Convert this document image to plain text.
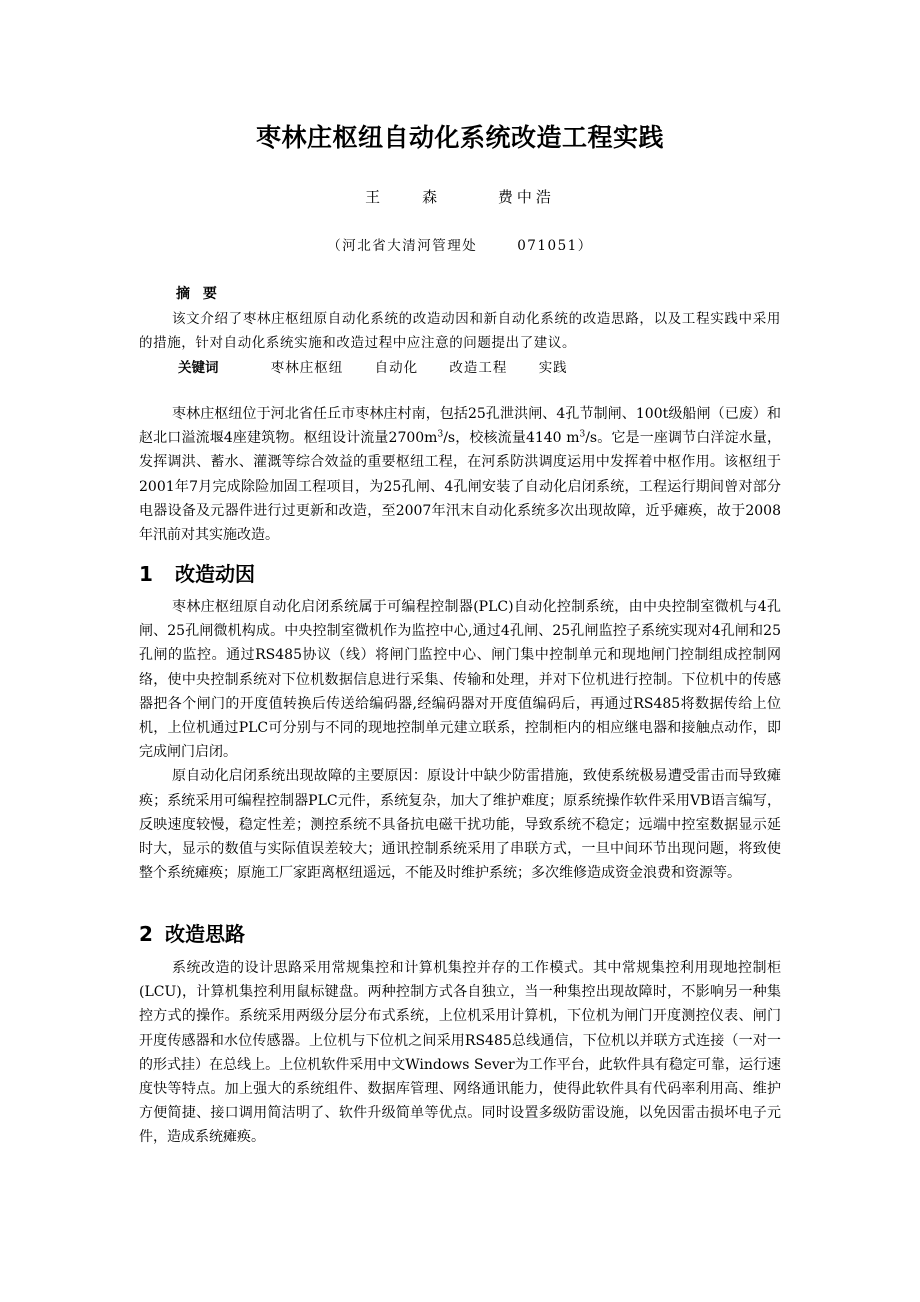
枣林庄枢纽自动化系统改造工程实践
王　　森	费中浩
（河北省大清河管理处	071051）
摘 要
该文介绍了枣林庄枢纽原自动化系统的改造动因和新自动化系统的改造思路，以及工程实践中采用的措施，针对自动化系统实施和改造过程中应注意的问题提出了建议。
关键词	枣林庄枢纽 自动化 改造工程 实践

枣林庄枢纽位于河北省任丘市枣林庄村南，包括25孔泄洪闸、4孔节制闸、100t级船闸（已废）和赵北口溢流堰4座建筑物。枢纽设计流量$2700m^3/s$，校核流量4140 $m^3/s$。它是一座调节白洋淀水量，发挥调洪、蓄水、灌溉等综合效益的重要枢纽工程，在河系防洪调度运用中发挥着中枢作用。该枢纽于2001年7月完成除险加固工程项目，为25孔闸、4孔闸安装了自动化启闭系统，工程运行期间曾对部分电器设备及元器件进行过更新和改造，至2007年汛末自动化系统多次出现故障，近乎瘫痪，故于2008年汛前对其实施改造。

1 改造动因

枣林庄枢纽原自动化启闭系统属于可编程控制器(PLC)自动化控制系统，由中央控制室微机与4孔闸、25孔闸微机构成。中央控制室微机作为监控中心,通过4孔闸、25孔闸监控子系统实现对4孔闸和25孔闸的监控。通过RS485协议（线）将闸门监控中心、闸门集中控制单元和现地闸门控制组成控制网络，使中央控制系统对下位机数据信息进行采集、传输和处理，并对下位机进行控制。下位机中的传感器把各个闸门的开度值转换后传送给编码器,经编码器对开度值编码后，再通过RS485将数据传给上位机，上位机通过PLC可分别与不同的现地控制单元建立联系，控制柜内的相应继电器和接触点动作，即完成闸门启闭。

原自动化启闭系统出现故障的主要原因：原设计中缺少防雷措施，致使系统极易遭受雷击而导致瘫痪；系统采用可编程控制器PLC元件，系统复杂，加大了维护难度；原系统操作软件采用VB语言编写，反映速度较慢，稳定性差；测控系统不具备抗电磁干扰功能，导致系统不稳定；远端中控室数据显示延时大，显示的数值与实际值误差较大；通讯控制系统采用了串联方式，一旦中间环节出现问题，将致使整个系统瘫痪；原施工厂家距离枢纽遥远，不能及时维护系统；多次维修造成资金浪费和资源等。

2 改造思路

系统改造的设计思路采用常规集控和计算机集控并存的工作模式。其中常规集控利用现地控制柜(LCU)，计算机集控利用鼠标键盘。两种控制方式各自独立，当一种集控出现故障时，不影响另一种集控方式的操作。系统采用两级分层分布式系统，上位机采用计算机，下位机为闸门开度测控仪表、闸门开度传感器和水位传感器。上位机与下位机之间采用RS485总线通信，下位机以并联方式连接（一对一的形式挂）在总线上。上位机软件采用中文Windows Sever为工作平台，此软件具有稳定可靠，运行速度快等特点。加上强大的系统组件、数据库管理、网络通讯能力，使得此软件具有代码率利用高、维护方便简捷、接口调用简洁明了、软件升级简单等优点。同时设置多级防雷设施，以免因雷击损坏电子元件，造成系统瘫痪。
